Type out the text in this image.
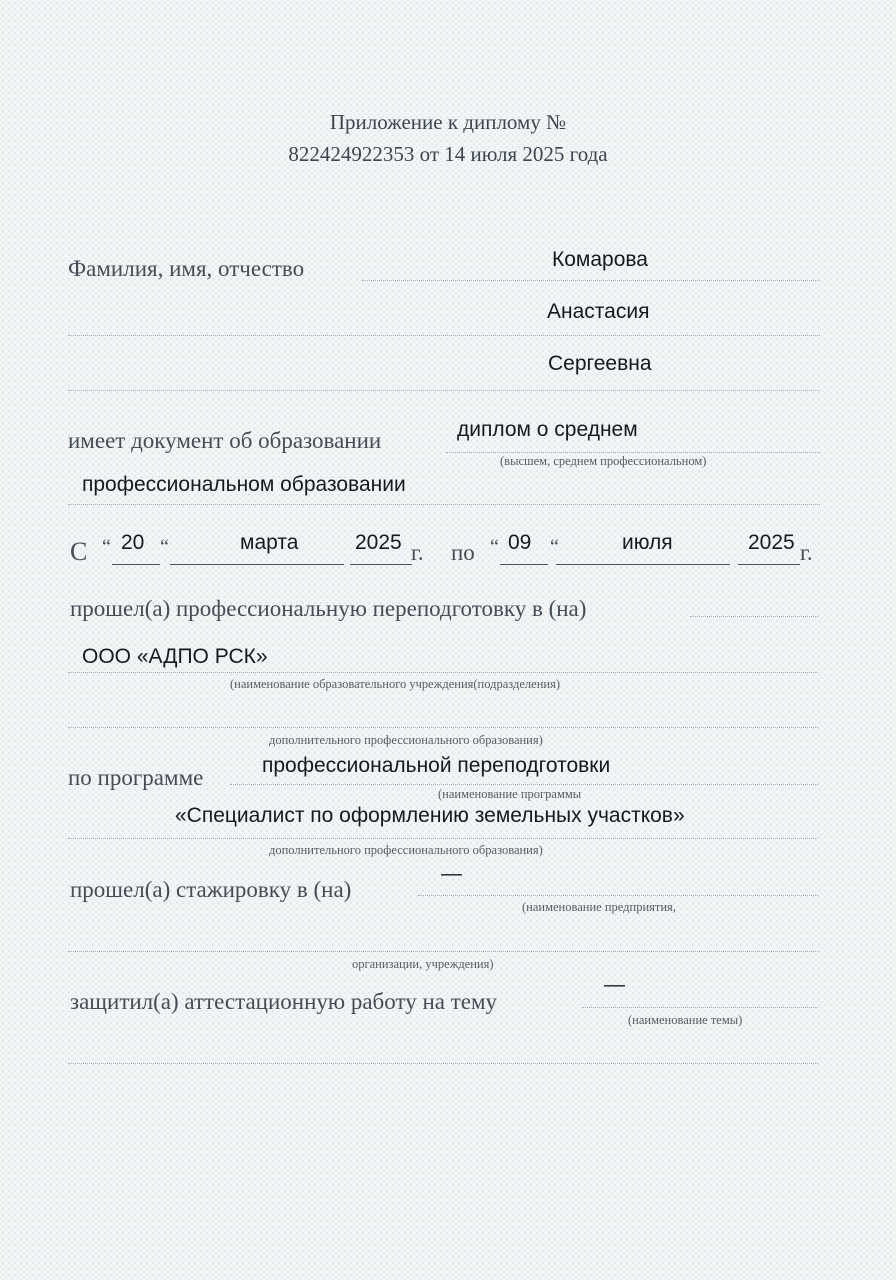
Приложение к диплому №
822424922353 от 14 июля 2025 года
Фамилия, имя, отчество	Комарова
Анастасия
Сергеевна
имеет документ об образовании	диплом о среднем
(высшем, среднем профессиональном)
профессиональном образовании
С “ 20 “	марта	2025 г. по “ 09 “	июля	2025 г.
прошел(а) профессиональную переподготовку в (на)
ООО «АДПО РСК»
(наименование образовательного учреждения(подразделения)
дополнительного профессионального образования)
по программе	профессиональной переподготовки
(наименование программы
«Специалист по оформлению земельных участков»
дополнительного профессионального образования)
прошел(а) стажировку в (на)
—
(наименование предприятия,
организации, учреждения)
защитил(а) аттестационную работу на тему
—
(наименование темы)
